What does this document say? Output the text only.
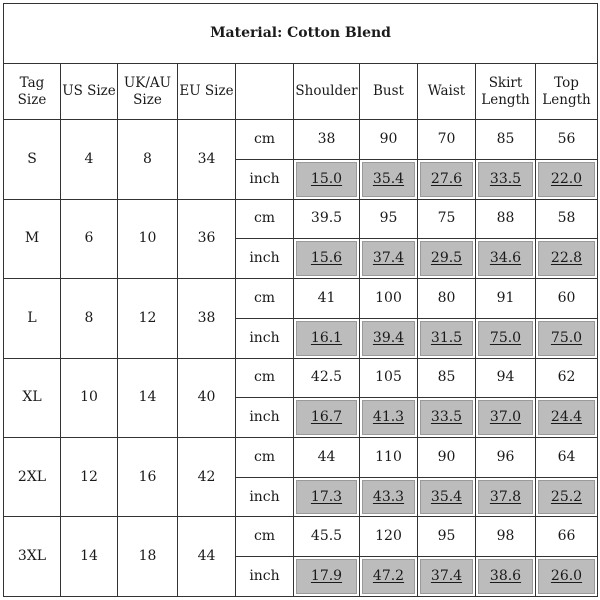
Material: Cotton Blend									
Tag Size	US Size	UK/AU Size	EU Size		Shoulder	Bust	Waist	Skirt Length	Top Length
S	4	8	34	cm	38	90	70	85	56
				inch	15.0	35.4	27.6	33.5	22.0
M	6	10	36	cm	39.5	95	75	88	58
				inch	15.6	37.4	29.5	34.6	22.8
L	8	12	38	cm	41	100	80	91	60
				inch	16.1	39.4	31.5	75.0	75.0
XL	10	14	40	cm	42.5	105	85	94	62
				inch	16.7	41.3	33.5	37.0	24.4
2XL	12	16	42	cm	44	110	90	96	64
				inch	17.3	43.3	35.4	37.8	25.2
3XL	14	18	44	cm	45.5	120	95	98	66
				inch	17.9	47.2	37.4	38.6	26.0
